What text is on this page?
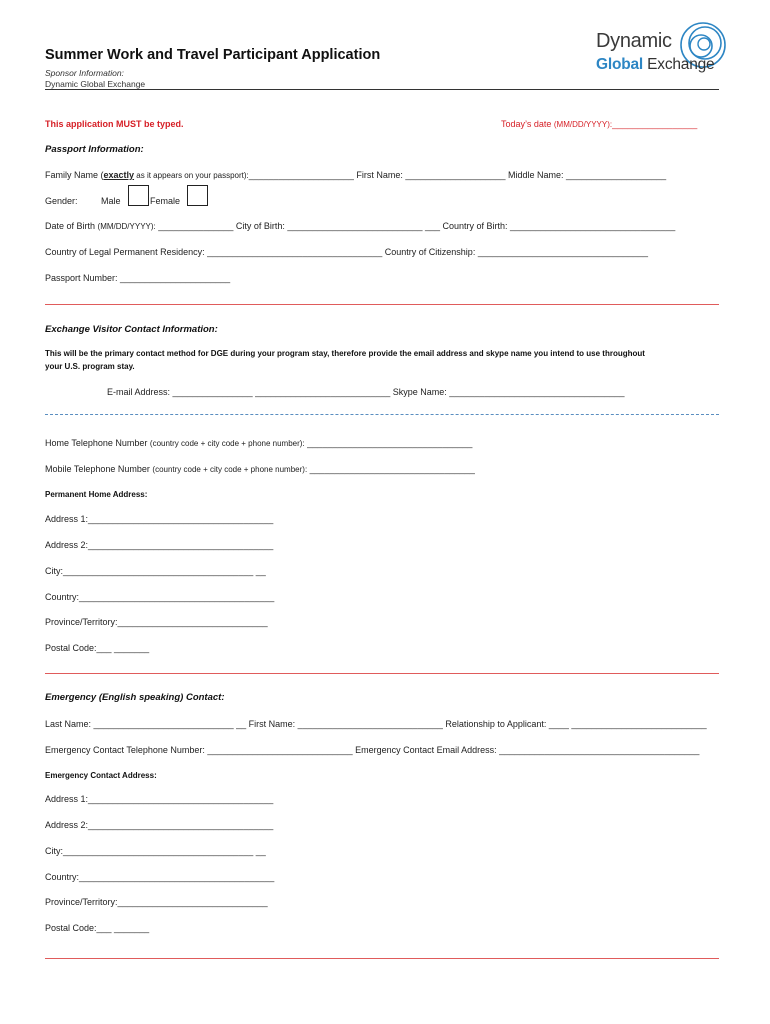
Summer Work and Travel Participant Application
Sponsor Information:
Dynamic Global Exchange
Dynamic
Global Exchange
This application MUST be typed.	Today’s date (MM/DD/YYYY):_________________
Passport Information:
Family Name (exactly as it appears on your passport):_____________________ First Name: ____________________ Middle Name: ____________________
Gender:	Male	Female
Date of Birth (MM/DD/YYYY): _______________ City of Birth: ___________________________ ___ Country of Birth: _________________________________
Country of Legal Permanent Residency: ___________________________________ Country of Citizenship: __________________________________
Passport Number: ______________________
Exchange Visitor Contact Information:
This will be the primary contact method for DGE during your program stay, therefore provide the email address and skype name you intend to use throughout
your U.S. program stay.
E-mail Address: ________________ ___________________________ Skype Name: ___________________________________
Home Telephone Number (country code + city code + phone number): _________________________________
Mobile Telephone Number (country code + city code + phone number): _________________________________
Permanent Home Address:
Address 1:_____________________________________
Address 2:_____________________________________
City:______________________________________ __
Country:_______________________________________
Province/Territory:______________________________
Postal Code:___ _______
Emergency (English speaking) Contact:
Last Name: ____________________________ __ First Name: _____________________________ Relationship to Applicant: ____ ___________________________
Emergency Contact Telephone Number: _____________________________ Emergency Contact Email Address: ________________________________________
Emergency Contact Address:
Address 1:_____________________________________
Address 2:_____________________________________
City:______________________________________ __
Country:_______________________________________
Province/Territory:______________________________
Postal Code:___ _______
